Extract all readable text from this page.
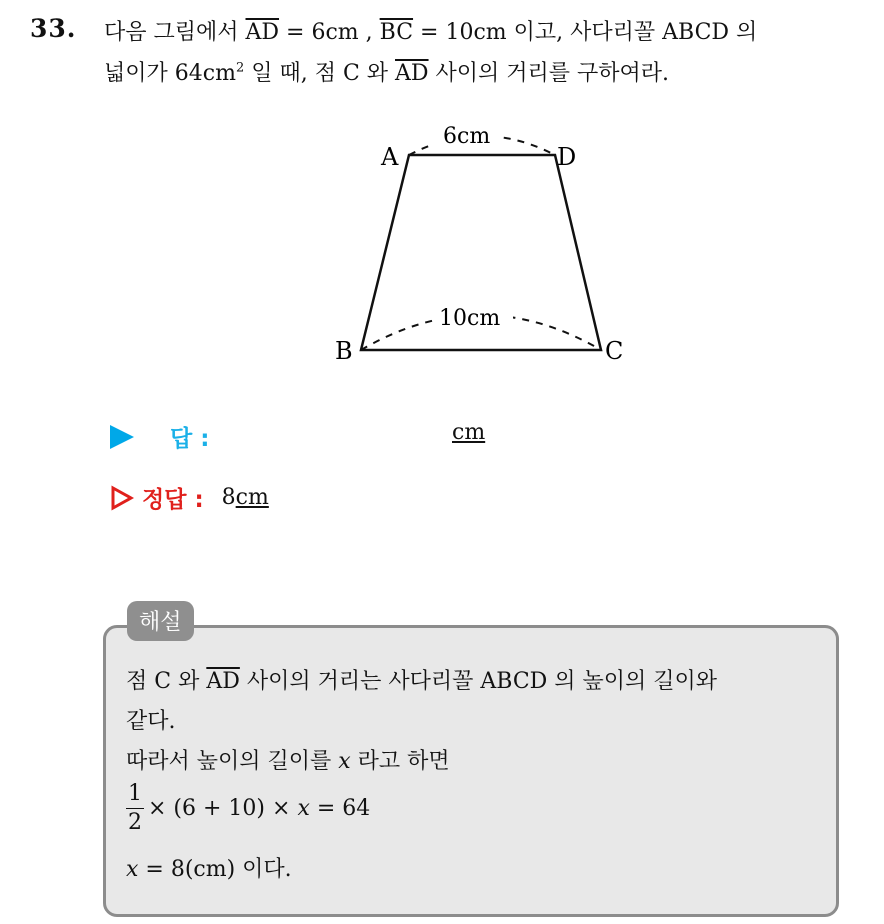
33. 다음 그림에서 $\overline{AD} = 6cm$ , $\overline{BC} = 10cm$ 이고, 사다리꼴 ABCD 의
넓이가 $64cm^2$ 일 때, 점 C 와 $\overline{AD}$ 사이의 거리를 구하여라.
6cm
10cm
A	D
B	C
답 :	cm
정답 : 8cm
해설
점 C 와 $\overline{AD}$ 사이의 거리는 사다리꼴 ABCD 의 높이의 길이와
같다.
따라서 높이의 길이를 x 라고 하면
$\frac{1}{2} \times (6 + 10) \times x = 64$
x = 8(cm) 이다.
